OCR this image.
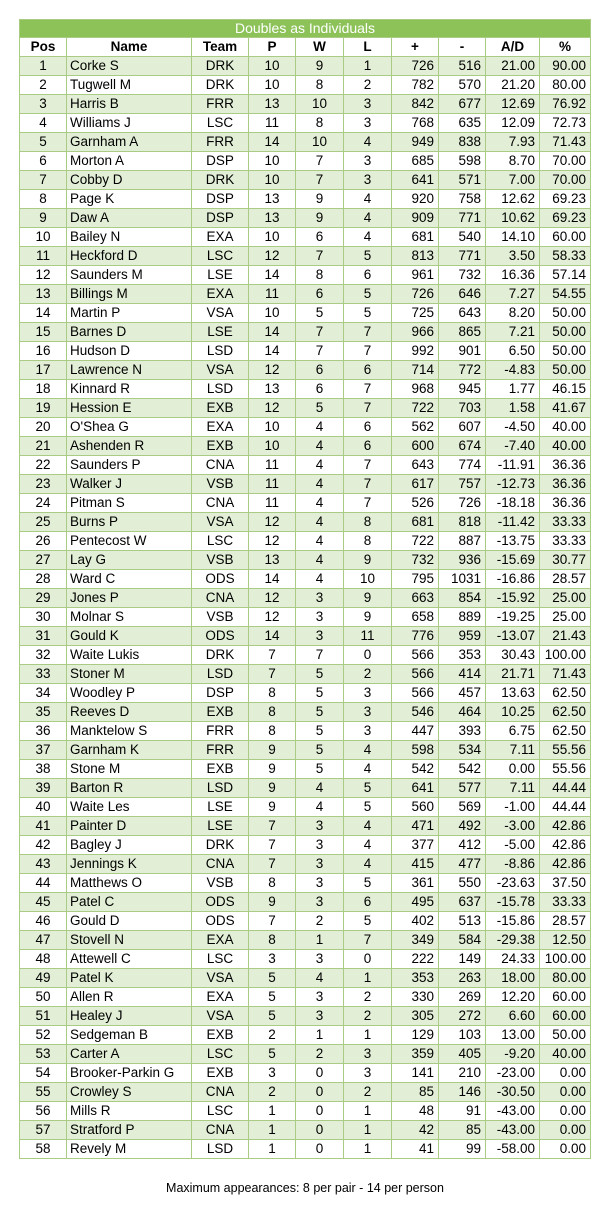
Doubles as Individuals									
Pos	Name	Team	P	W	L	+	-	A/D	%
1	Corke S	DRK	10	9	1	726	516	21.00	90.00
2	Tugwell M	DRK	10	8	2	782	570	21.20	80.00
3	Harris B	FRR	13	10	3	842	677	12.69	76.92
4	Williams J	LSC	11	8	3	768	635	12.09	72.73
5	Garnham A	FRR	14	10	4	949	838	7.93	71.43
6	Morton A	DSP	10	7	3	685	598	8.70	70.00
7	Cobby D	DRK	10	7	3	641	571	7.00	70.00
8	Page K	DSP	13	9	4	920	758	12.62	69.23
9	Daw A	DSP	13	9	4	909	771	10.62	69.23
10	Bailey N	EXA	10	6	4	681	540	14.10	60.00
11	Heckford D	LSC	12	7	5	813	771	3.50	58.33
12	Saunders M	LSE	14	8	6	961	732	16.36	57.14
13	Billings M	EXA	11	6	5	726	646	7.27	54.55
14	Martin P	VSA	10	5	5	725	643	8.20	50.00
15	Barnes D	LSE	14	7	7	966	865	7.21	50.00
16	Hudson D	LSD	14	7	7	992	901	6.50	50.00
17	Lawrence N	VSA	12	6	6	714	772	-4.83	50.00
18	Kinnard R	LSD	13	6	7	968	945	1.77	46.15
19	Hession E	EXB	12	5	7	722	703	1.58	41.67
20	O'Shea G	EXA	10	4	6	562	607	-4.50	40.00
21	Ashenden R	EXB	10	4	6	600	674	-7.40	40.00
22	Saunders P	CNA	11	4	7	643	774	-11.91	36.36
23	Walker J	VSB	11	4	7	617	757	-12.73	36.36
24	Pitman S	CNA	11	4	7	526	726	-18.18	36.36
25	Burns P	VSA	12	4	8	681	818	-11.42	33.33
26	Pentecost W	LSC	12	4	8	722	887	-13.75	33.33
27	Lay G	VSB	13	4	9	732	936	-15.69	30.77
28	Ward C	ODS	14	4	10	795	1031	-16.86	28.57
29	Jones P	CNA	12	3	9	663	854	-15.92	25.00
30	Molnar S	VSB	12	3	9	658	889	-19.25	25.00
31	Gould K	ODS	14	3	11	776	959	-13.07	21.43
32	Waite Lukis	DRK	7	7	0	566	353	30.43	100.00
33	Stoner M	LSD	7	5	2	566	414	21.71	71.43
34	Woodley P	DSP	8	5	3	566	457	13.63	62.50
35	Reeves D	EXB	8	5	3	546	464	10.25	62.50
36	Manktelow S	FRR	8	5	3	447	393	6.75	62.50
37	Garnham K	FRR	9	5	4	598	534	7.11	55.56
38	Stone M	EXB	9	5	4	542	542	0.00	55.56
39	Barton R	LSD	9	4	5	641	577	7.11	44.44
40	Waite Les	LSE	9	4	5	560	569	-1.00	44.44
41	Painter D	LSE	7	3	4	471	492	-3.00	42.86
42	Bagley J	DRK	7	3	4	377	412	-5.00	42.86
43	Jennings K	CNA	7	3	4	415	477	-8.86	42.86
44	Matthews O	VSB	8	3	5	361	550	-23.63	37.50
45	Patel C	ODS	9	3	6	495	637	-15.78	33.33
46	Gould D	ODS	7	2	5	402	513	-15.86	28.57
47	Stovell N	EXA	8	1	7	349	584	-29.38	12.50
48	Attewell C	LSC	3	3	0	222	149	24.33	100.00
49	Patel K	VSA	5	4	1	353	263	18.00	80.00
50	Allen R	EXA	5	3	2	330	269	12.20	60.00
51	Healey J	VSA	5	3	2	305	272	6.60	60.00
52	Sedgeman B	EXB	2	1	1	129	103	13.00	50.00
53	Carter A	LSC	5	2	3	359	405	-9.20	40.00
54	Brooker-Parkin G	EXB	3	0	3	141	210	-23.00	0.00
55	Crowley S	CNA	2	0	2	85	146	-30.50	0.00
56	Mills R	LSC	1	0	1	48	91	-43.00	0.00
57	Stratford P	CNA	1	0	1	42	85	-43.00	0.00
58	Revely M	LSD	1	0	1	41	99	-58.00	0.00
Maximum appearances: 8 per pair - 14 per person
